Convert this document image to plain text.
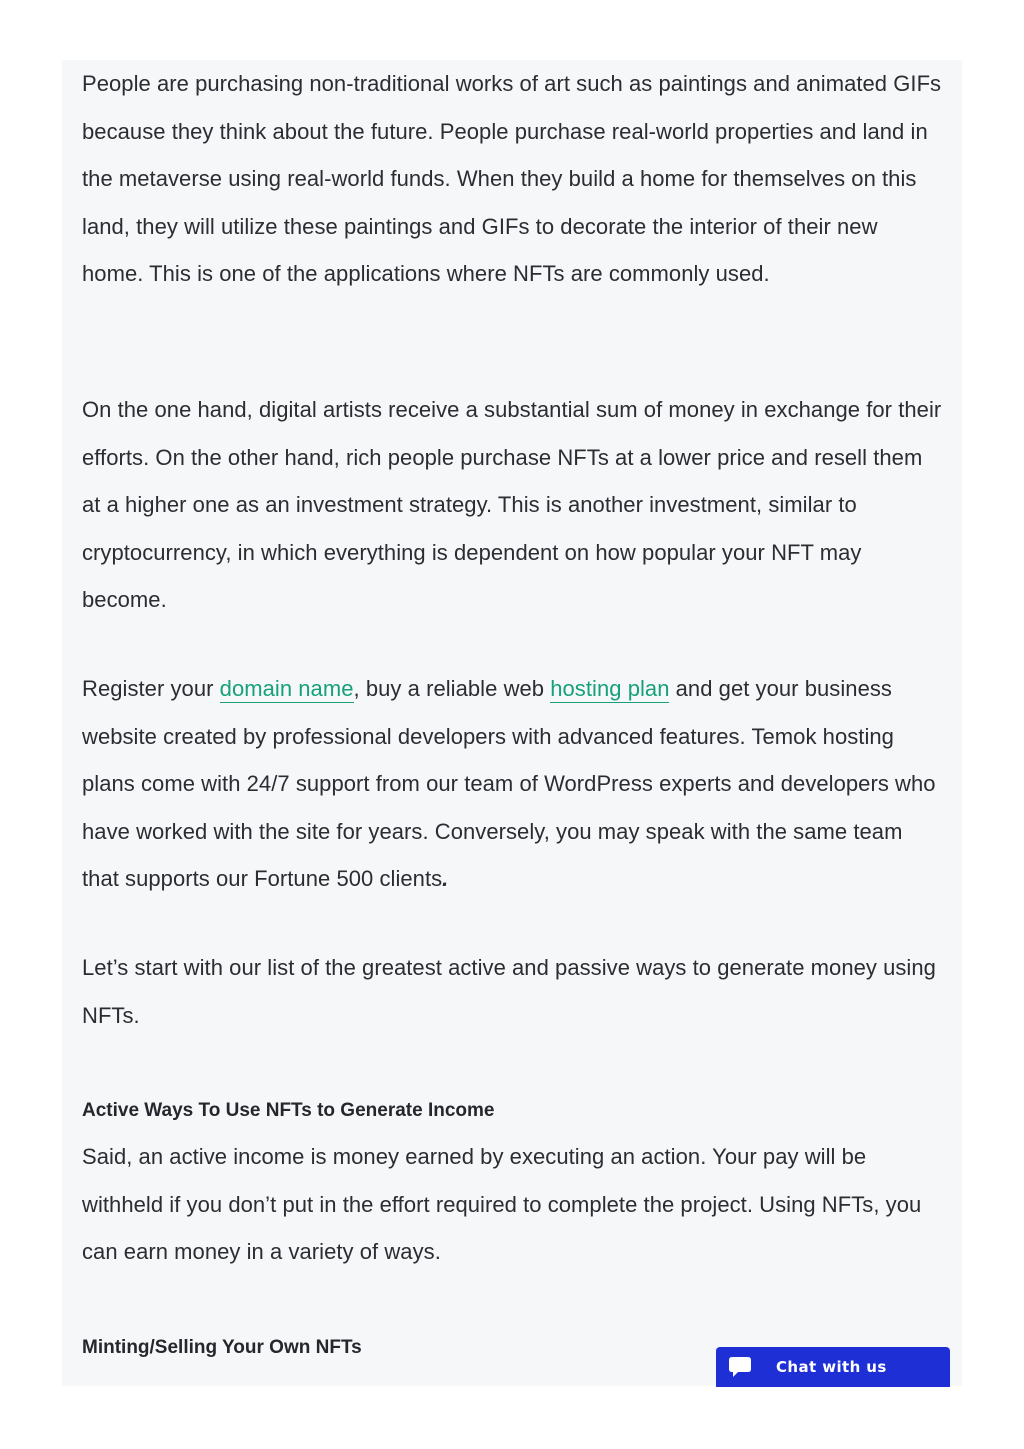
People are purchasing non-traditional works of art such as paintings and animated GIFs because they think about the future. People purchase real-world properties and land in the metaverse using real-world funds. When they build a home for themselves on this land, they will utilize these paintings and GIFs to decorate the interior of their new home. This is one of the applications where NFTs are commonly used.

On the one hand, digital artists receive a substantial sum of money in exchange for their efforts. On the other hand, rich people purchase NFTs at a lower price and resell them at a higher one as an investment strategy. This is another investment, similar to cryptocurrency, in which everything is dependent on how popular your NFT may become.

Register your domain name, buy a reliable web hosting plan and get your business website created by professional developers with advanced features. Temok hosting plans come with 24/7 support from our team of WordPress experts and developers who have worked with the site for years. Conversely, you may speak with the same team that supports our Fortune 500 clients.

Let’s start with our list of the greatest active and passive ways to generate money using NFTs.

Active Ways To Use NFTs to Generate Income

Said, an active income is money earned by executing an action. Your pay will be withheld if you don’t put in the effort required to complete the project. Using NFTs, you can earn money in a variety of ways.

Minting/Selling Your Own NFTs
Chat with us
